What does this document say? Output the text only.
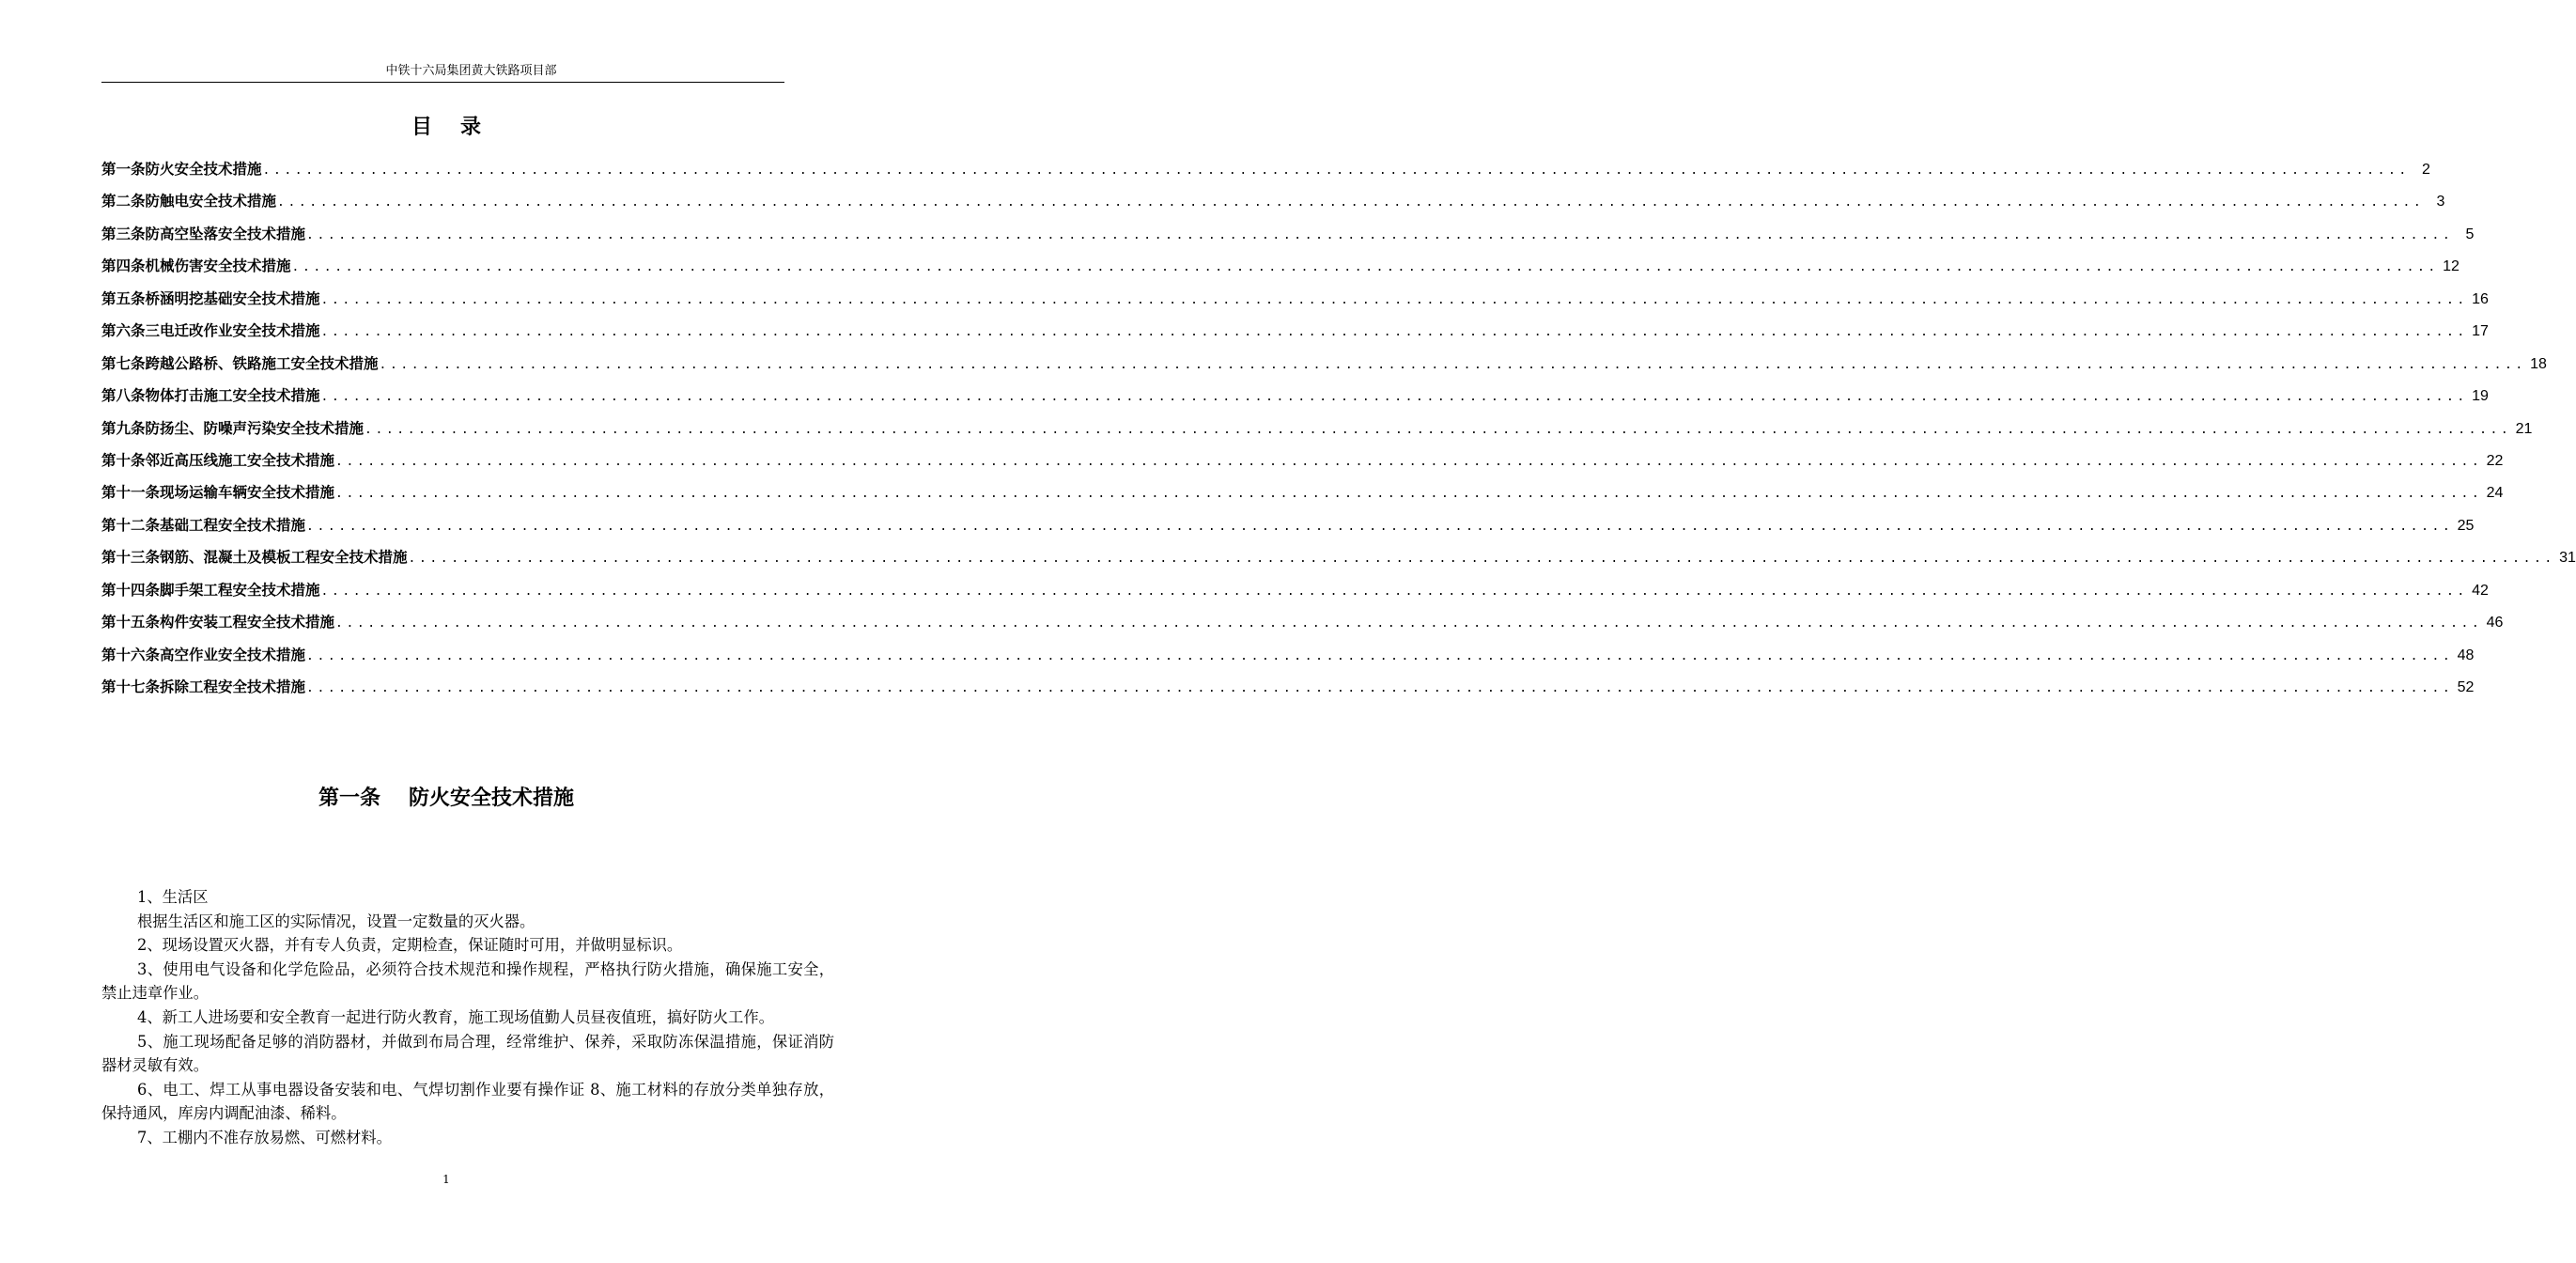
中铁十六局集团黄大铁路项目部
目录
第一条 防火安全技术措施 ........................................................................................................................................................................................................ 2
第二条 防触电安全技术措施 ........................................................................................................................................................................................................ 3
第三条 防高空坠落安全技术措施 ........................................................................................................................................................................................................ 5
第四条 机械伤害安全技术措施 ........................................................................................................................................................................................................ 12
第五条 桥涵明挖基础安全技术措施 ........................................................................................................................................................................................................ 16
第六条 三电迁改作业安全技术措施 ........................................................................................................................................................................................................ 17
第七条 跨越公路桥、铁路施工安全技术措施 ........................................................................................................................................................................................................ 18
第八条 物体打击施工安全技术措施 ........................................................................................................................................................................................................ 19
第九条 防扬尘、防噪声污染安全技术措施 ........................................................................................................................................................................................................ 21
第十条 邻近高压线施工安全技术措施 ........................................................................................................................................................................................................ 22
第十一条 现场运输车辆安全技术措施 ........................................................................................................................................................................................................ 24
第十二条 基础工程安全技术措施 ........................................................................................................................................................................................................ 25
第十三条 钢筋、混凝土及模板工程安全技术措施 ........................................................................................................................................................................................................ 31
第十四条 脚手架工程安全技术措施 ........................................................................................................................................................................................................ 42
第十五条 构件安装工程安全技术措施 ........................................................................................................................................................................................................ 46
第十六条 高空作业安全技术措施 ........................................................................................................................................................................................................ 48
第十七条 拆除工程安全技术措施 ........................................................................................................................................................................................................ 52
第一条 防火安全技术措施

1、生活区

根据生活区和施工区的实际情况，设置一定数量的灭火器。

2、现场设置灭火器，并有专人负责，定期检查，保证随时可用，并做明显标识。

3、使用电气设备和化学危险品，必须符合技术规范和操作规程，严格执行防火措施，确保施工安全，禁止违章作业。

4、新工人进场要和安全教育一起进行防火教育，施工现场值勤人员昼夜值班，搞好防火工作。

5、施工现场配备足够的消防器材，并做到布局合理，经常维护、保养，采取防冻保温措施，保证消防器材灵敏有效。

6、电工、焊工从事电器设备安装和电、气焊切割作业要有操作证 8、施工材料的存放分类单独存放，保持通风，库房内调配油漆、稀料。

7、工棚内不准存放易燃、可燃材料。

1
